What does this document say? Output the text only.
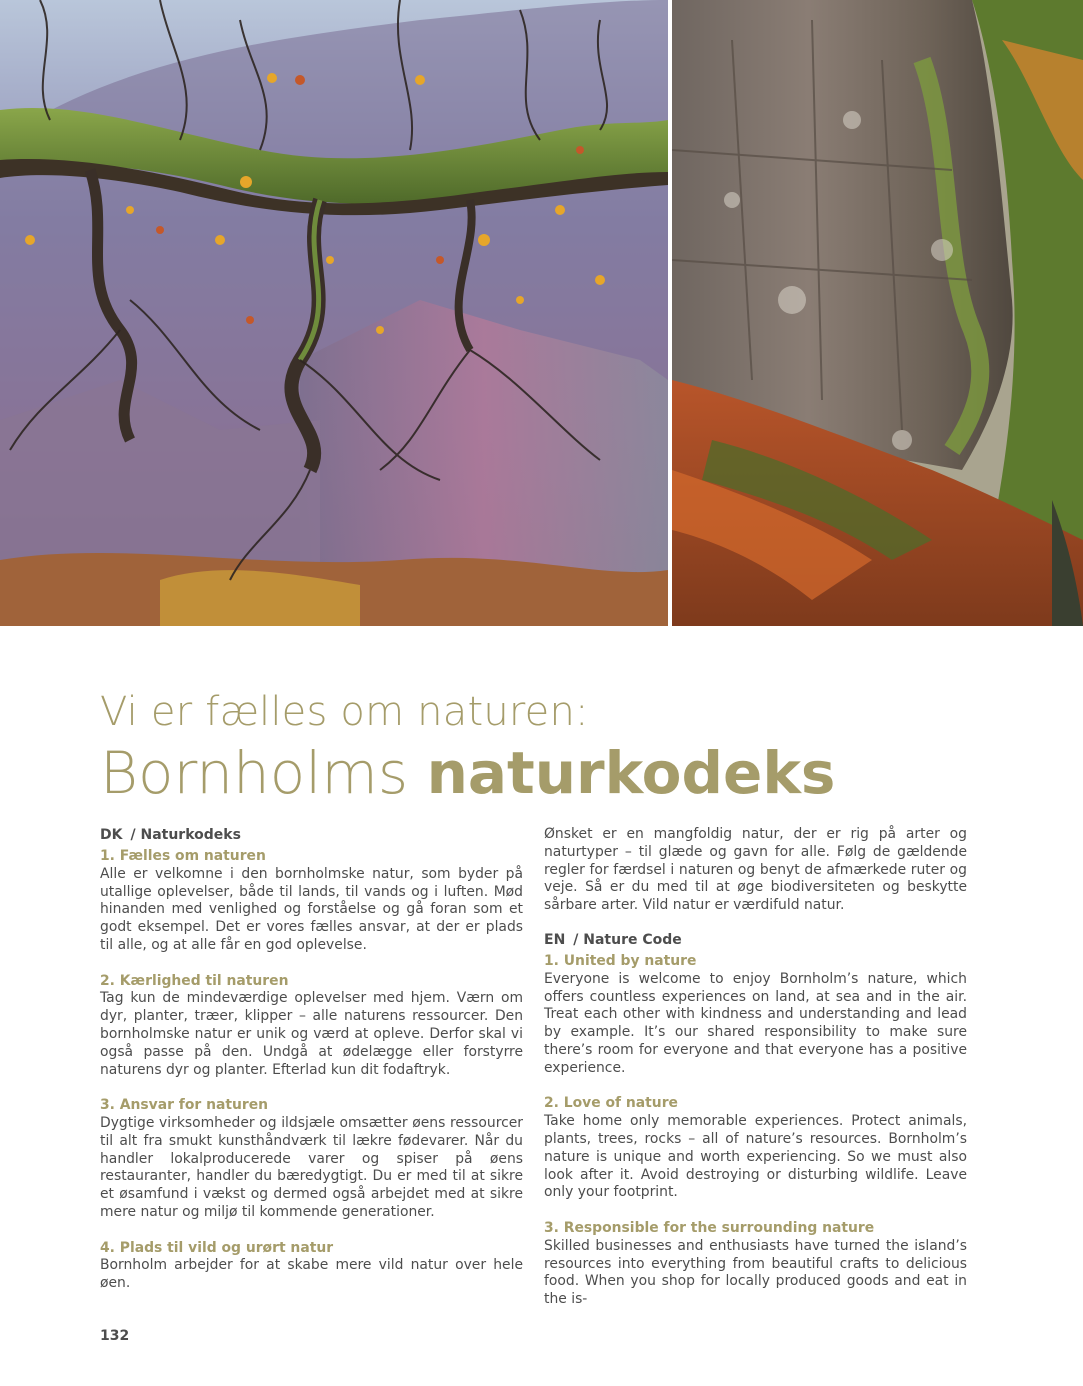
Vi er fælles om naturen:
Bornholms naturkodeks
DK / Naturkodeks
1. Fælles om naturen
Alle er velkomne i den bornholmske natur, som byder på utallige oplevelser, både til lands, til vands og i luften. Mød hinanden med venlighed og forståelse og gå foran som et godt eksempel. Det er vores fælles ansvar, at der er plads til alle, og at alle får en god oplevelse.
2. Kærlighed til naturen
Tag kun de mindeværdige oplevelser med hjem. Værn om dyr, planter, træer, klipper – alle naturens ressourcer. Den bornholmske natur er unik og værd at opleve. Derfor skal vi også passe på den. Undgå at ødelægge eller forstyrre naturens dyr og planter. Efterlad kun dit fodaftryk.
3. Ansvar for naturen
Dygtige virksomheder og ildsjæle omsætter øens ressourcer til alt fra smukt kunsthåndværk til lækre fødevarer. Når du handler lokalproducerede varer og spiser på øens restauranter, handler du bæredygtigt. Du er med til at sikre et øsamfund i vækst og dermed også arbejdet med at sikre mere natur og miljø til kommende generationer.
4. Plads til vild og urørt natur
Bornholm arbejder for at skabe mere vild natur over hele øen.
Ønsket er en mangfoldig natur, der er rig på arter og naturtyper – til glæde og gavn for alle. Følg de gældende regler for færdsel i naturen og benyt de afmærkede ruter og veje. Så er du med til at øge biodiversiteten og beskytte sårbare arter. Vild natur er værdifuld natur.
EN / Nature Code
1. United by nature
Everyone is welcome to enjoy Bornholm’s nature, which offers countless experiences on land, at sea and in the air. Treat each other with kindness and understanding and lead by example. It’s our shared responsibility to make sure there’s room for everyone and that everyone has a positive experience.
2. Love of nature
Take home only memorable experiences. Protect animals, plants, trees, rocks – all of nature’s resources. Bornholm’s nature is unique and worth experiencing. So we must also look after it. Avoid destroying or disturbing wildlife. Leave only your footprint.
3. Responsible for the surrounding nature
Skilled businesses and enthusiasts have turned the island’s resources into everything from beautiful crafts to delicious food. When you shop for locally produced goods and eat in the is-
132
